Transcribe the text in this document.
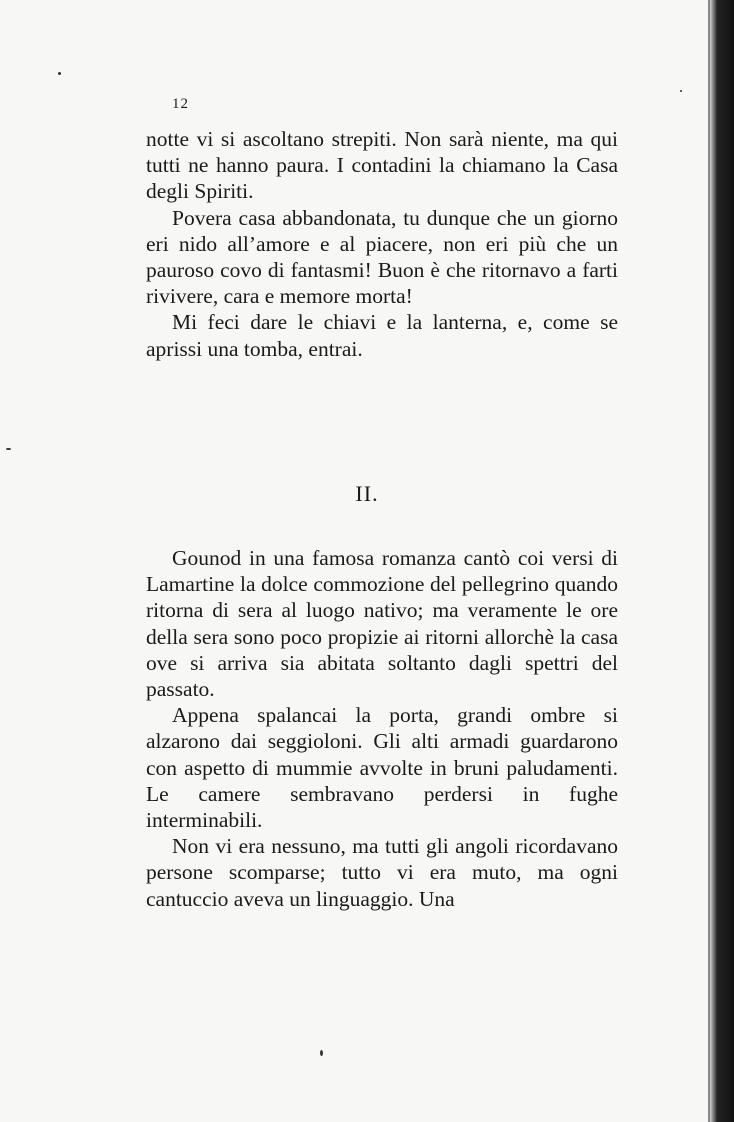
12

notte vi si ascoltano strepiti. Non sarà niente, ma qui tutti ne hanno paura. I contadini la chiamano la Casa degli Spiriti.

Povera casa abbandonata, tu dunque che un giorno eri nido all’amore e al piacere, non eri più che un pauroso covo di fantasmi! Buon è che ritornavo a farti rivivere, cara e memore morta!

Mi feci dare le chiavi e la lanterna, e, come se aprissi una tomba, entrai.

II.

Gounod in una famosa romanza cantò coi versi di Lamartine la dolce commozione del pellegrino quando ritorna di sera al luogo nativo; ma veramente le ore della sera sono poco propizie ai ritorni allorchè la casa ove si arriva sia abitata soltanto dagli spettri del passato.

Appena spalancai la porta, grandi ombre si alzarono dai seggioloni. Gli alti armadi guardarono con aspetto di mummie avvolte in bruni paludamenti. Le camere sembravano perdersi in fughe interminabili.

Non vi era nessuno, ma tutti gli angoli ricordavano persone scomparse; tutto vi era muto, ma ogni cantuccio aveva un linguaggio. Una
